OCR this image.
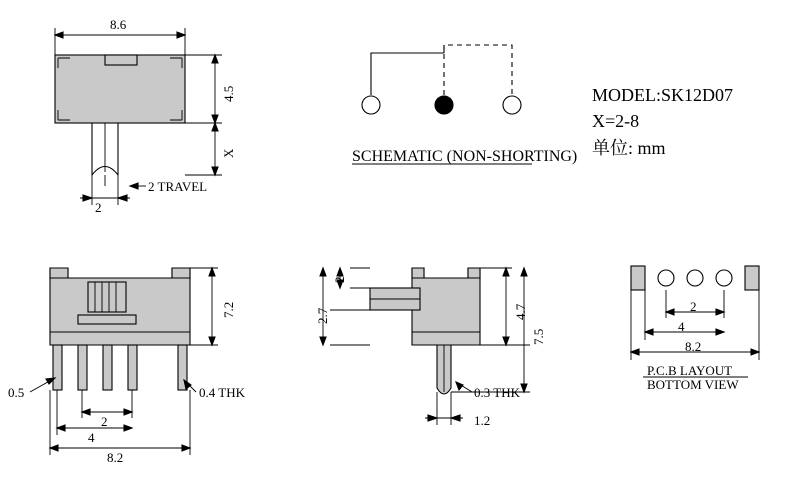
MODEL:SK12D07
X=2-8
单位: mm
8.6
4.5
X
2
2 TRAVEL
SCHEMATIC (NON-SHORTING)
7.2
0.5	0.4 THK
2
4
8.2
2
2.7	4.7
7.5
0.3 THK
1.2
2
4
8.2
P.C.B LAYOUT
BOTTOM VIEW
